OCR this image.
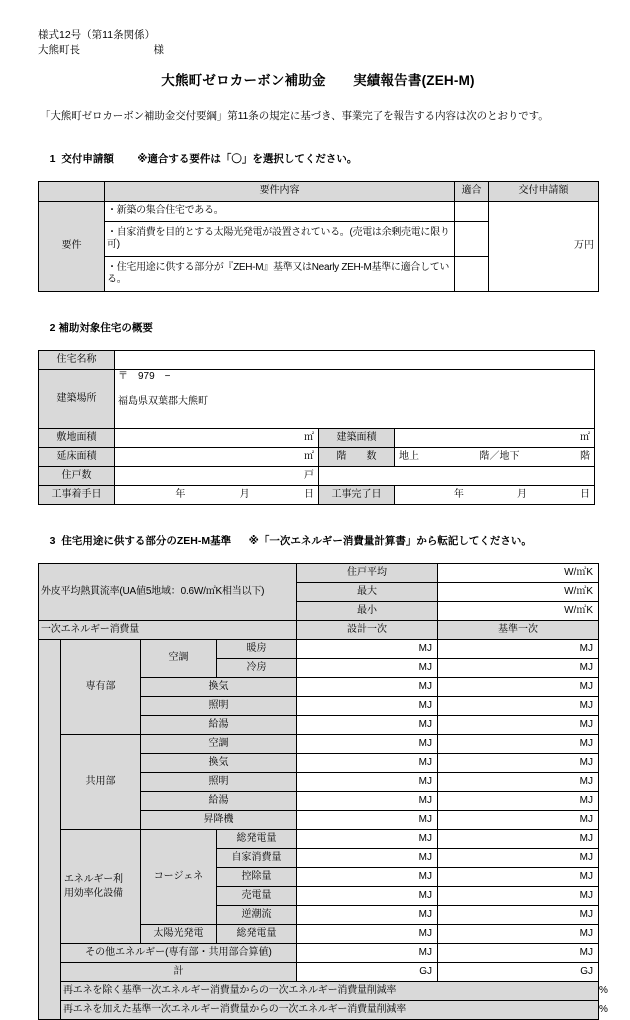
様式12号（第11条関係）
大熊町長　　　　　　　様
大熊町ゼロカーボン補助金　　実績報告書(ZEH-M)
「大熊町ゼロカーボン補助金交付要綱」第11条の規定に基づき、事業完了を報告する内容は次のとおりです。

1 交付申請額 ※適合する要件は「〇」を選択してください。

	要件内容	適合	交付申請額
要件	・新築の集合住宅である。		万円
	・自家消費を目的とする太陽光発電が設置されている。(売電は余剰売電に限り可)		
	・住宅用途に供する部分が『ZEH-M』基準又はNearly ZEH-M基準に適合している。		

2 補助対象住宅の概要

住宅名称			
建築場所	〒　979　−
福島県双葉郡大熊町		

敷地面積	㎡	建築面積	㎡
延床面積	㎡	階　　数	地上 階／地下 階

住戸数	戸		
工事着手日	年 月 日	工事完了日	年 月 日

3 住宅用途に供する部分のZEH-M基準 ※「一次エネルギー消費量計算書」から転記してください。

外皮平均熱貫流率(UA値5地域：0.6W/㎡K相当以下)				住戸平均	W/㎡K	
				最大	W/㎡K	
				最小	W/㎡K	
一次エネルギー消費量				設計一次	基準一次	
	専有部	空調	暖房	MJ	MJ	
			冷房	MJ	MJ	
		換気		MJ	MJ	
		照明		MJ	MJ	
		給湯		MJ	MJ	
	共用部	空調		MJ	MJ	
		換気		MJ	MJ	
		照明		MJ	MJ	
		給湯		MJ	MJ	
		昇降機		MJ	MJ	
	エネルギー利
用効率化設備	コージェネ	総発電量	MJ	MJ	
			自家消費量	MJ	MJ	
			控除量	MJ	MJ	
			売電量	MJ	MJ	
			逆潮流	MJ	MJ	
		太陽光発電	総発電量	MJ	MJ	
	その他エネルギー(専有部・共用部合算値)			MJ	MJ	
	計			GJ	GJ	
	再エネを除く基準一次エネルギー消費量からの一次エネルギー消費量削減率					%
	再エネを加えた基準一次エネルギー消費量からの一次エネルギー消費量削減率					%
